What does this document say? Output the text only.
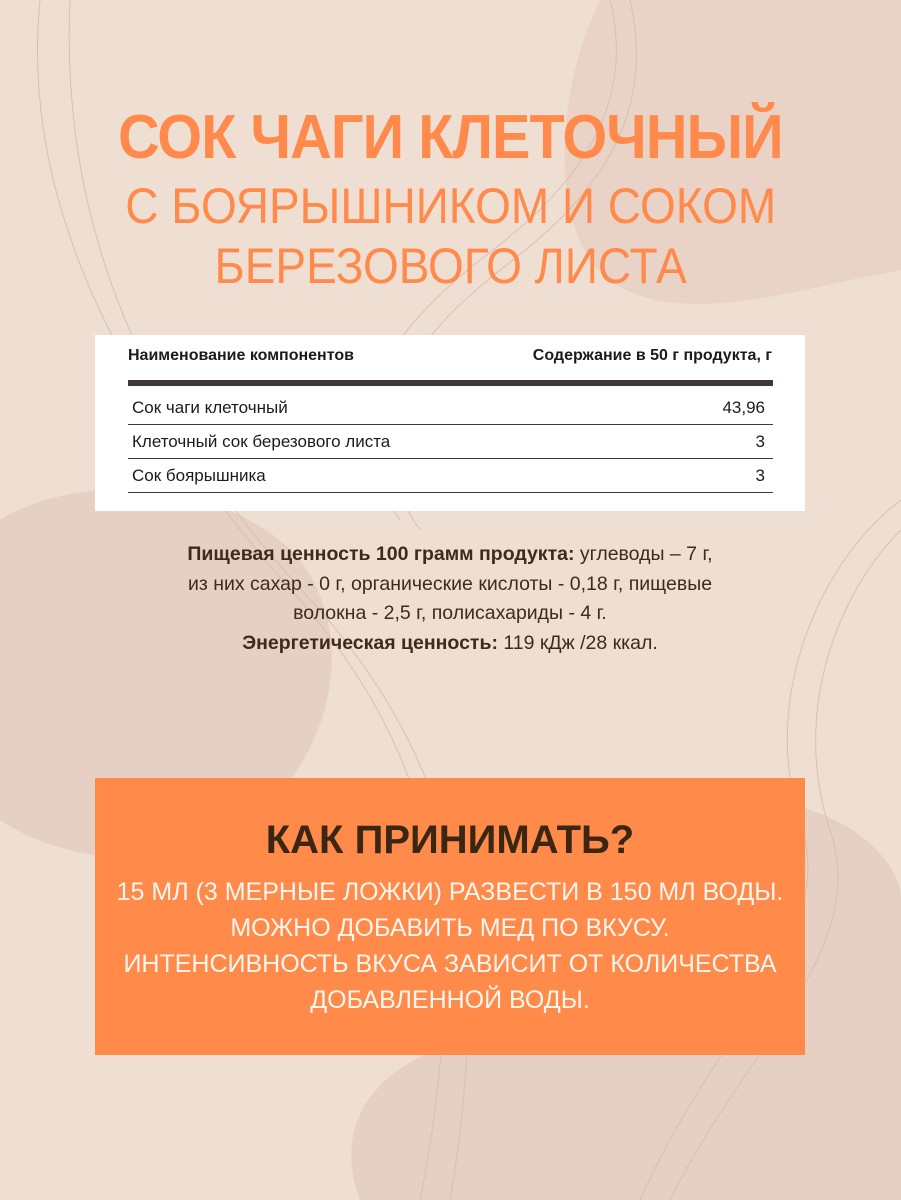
СОК ЧАГИ КЛЕТОЧНЫЙ
С БОЯРЫШНИКОМ И СОКОМ
БЕРЕЗОВОГО ЛИСТА
Наименование компонентов	Содержание в 50 г продукта, г
Сок чаги клеточный	43,96
Клеточный сок березового листа	3
Сок боярышника	3
Пищевая ценность 100 грамм продукта: углеводы – 7 г,
из них сахар - 0 г, органические кислоты - 0,18 г, пищевые
волокна - 2,5 г, полисахариды - 4 г.
Энергетическая ценность: 119 кДж /28 ккал.
КАК ПРИНИМАТЬ?
15 МЛ (3 МЕРНЫЕ ЛОЖКИ) РАЗВЕСТИ В 150 МЛ ВОДЫ.
МОЖНО ДОБАВИТЬ МЕД ПО ВКУСУ.
ИНТЕНСИВНОСТЬ ВКУСА ЗАВИСИТ ОТ КОЛИЧЕСТВА
ДОБАВЛЕННОЙ ВОДЫ.
